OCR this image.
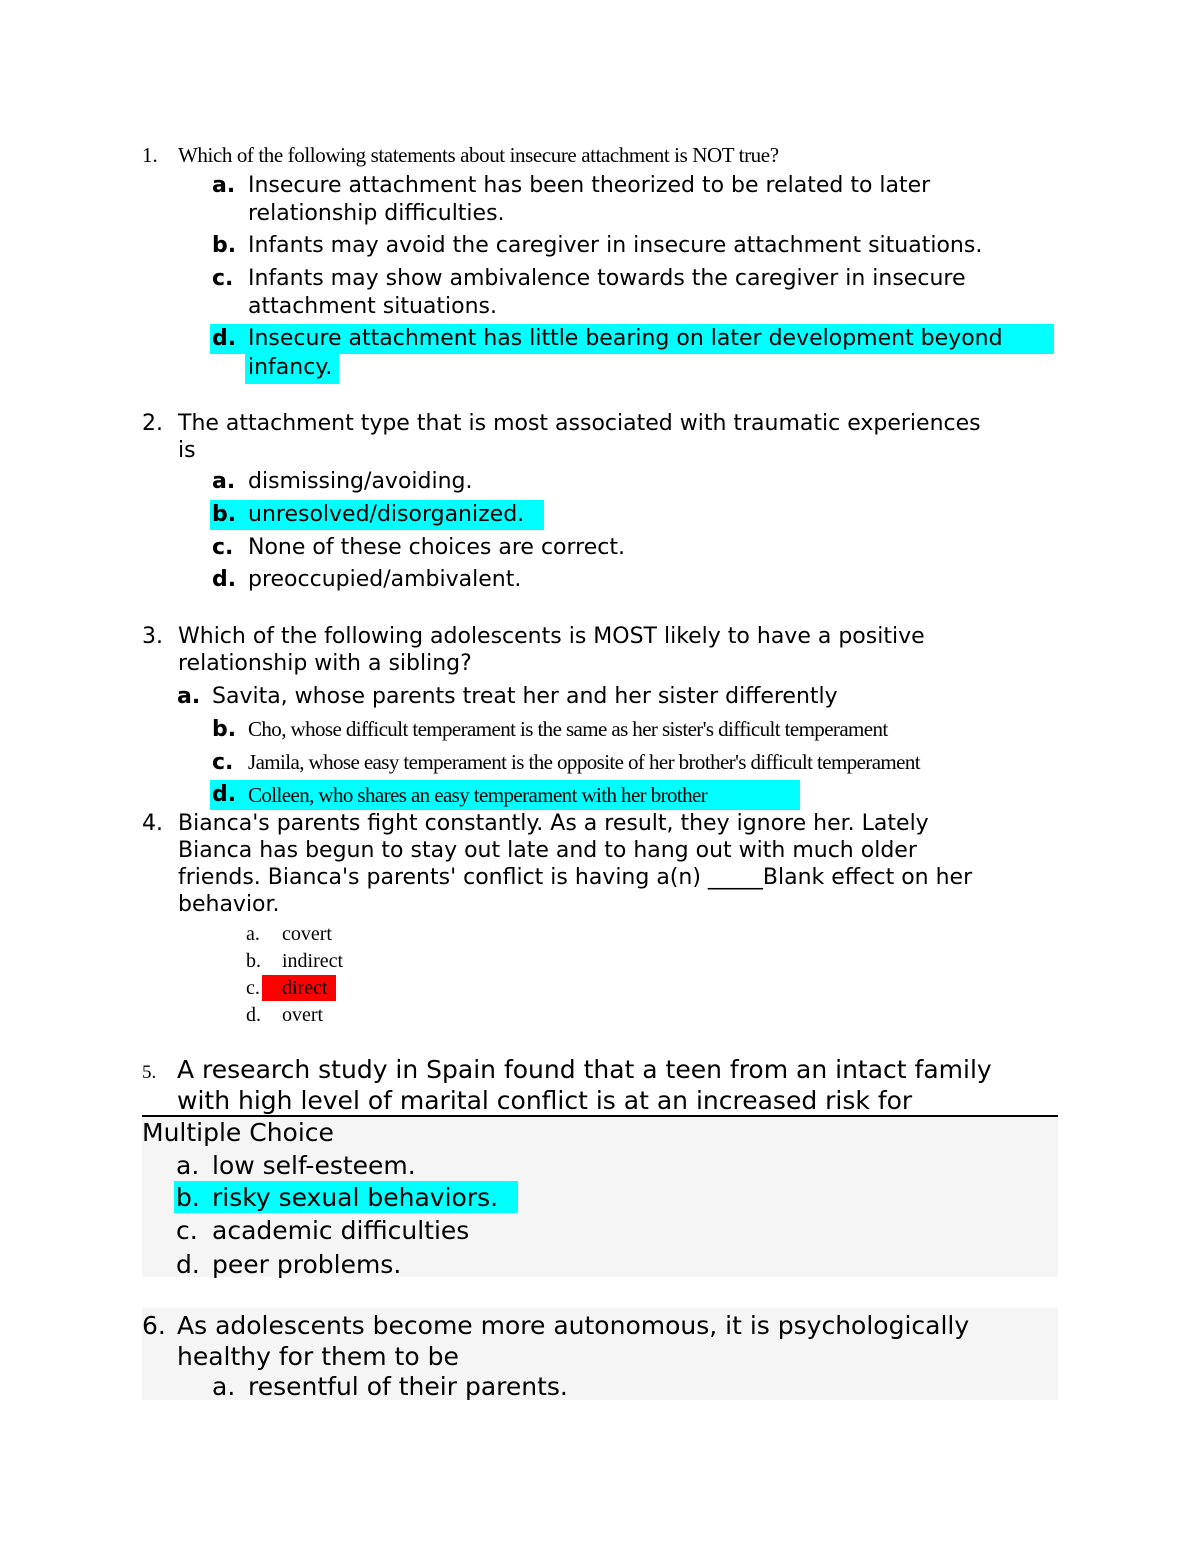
1. Which of the following statements about insecure attachment is NOT true?
a. Insecure attachment has been theorized to be related to later
relationship difficulties.
b. Infants may avoid the caregiver in insecure attachment situations.
c. Infants may show ambivalence towards the caregiver in insecure
attachment situations.
d. Insecure attachment has little bearing on later development beyond
infancy.
2. The attachment type that is most associated with traumatic experiences
is
a. dismissing/avoiding.
b. unresolved/disorganized.
c. None of these choices are correct.
d. preoccupied/ambivalent.
3. Which of the following adolescents is MOST likely to have a positive
relationship with a sibling?
a. Savita, whose parents treat her and her sister differently
b. Cho, whose difficult temperament is the same as her sister's difficult temperament
c. Jamila, whose easy temperament is the opposite of her brother's difficult temperament
d. Colleen, who shares an easy temperament with her brother
4. Bianca's parents fight constantly. As a result, they ignore her. Lately
Bianca has begun to stay out late and to hang out with much older
friends. Bianca's parents' conflict is having a(n) _____Blank effect on her
behavior.
a. covert
b. indirect
c. direct
d. overt
5. A research study in Spain found that a teen from an intact family
with high level of marital conflict is at an increased risk for
Multiple Choice
a. low self-esteem.
b. risky sexual behaviors.
c. academic difficulties
d. peer problems.
6. As adolescents become more autonomous, it is psychologically
healthy for them to be
a. resentful of their parents.
